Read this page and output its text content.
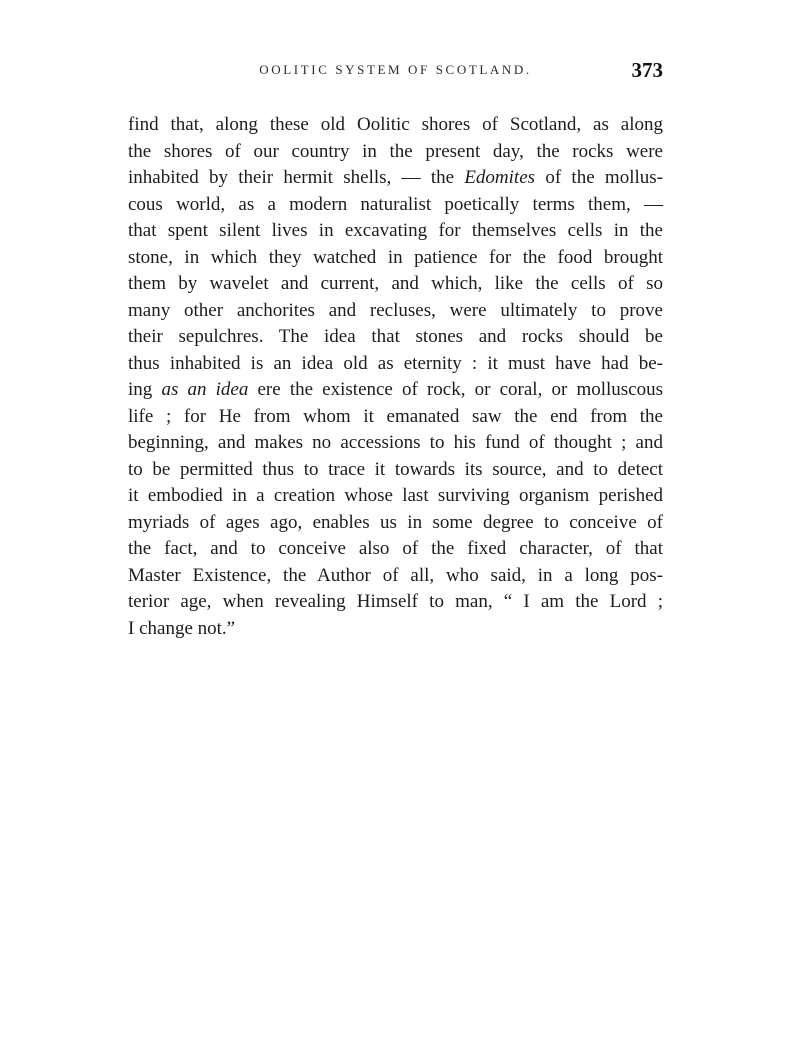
OOLITIC SYSTEM OF SCOTLAND.	373
find that, along these old Oolitic shores of Scotland, as along
the shores of our country in the present day, the rocks were
inhabited by their hermit shells, — the Edomites of the mollus-
cous world, as a modern naturalist poetically terms them, —
that spent silent lives in excavating for themselves cells in the
stone, in which they watched in patience for the food brought
them by wavelet and current, and which, like the cells of so
many other anchorites and recluses, were ultimately to prove
their sepulchres. The idea that stones and rocks should be
thus inhabited is an idea old as eternity : it must have had be-
ing as an idea ere the existence of rock, or coral, or molluscous
life ; for He from whom it emanated saw the end from the
beginning, and makes no accessions to his fund of thought ; and
to be permitted thus to trace it towards its source, and to detect
it embodied in a creation whose last surviving organism perished
myriads of ages ago, enables us in some degree to conceive of
the fact, and to conceive also of the fixed character, of that
Master Existence, the Author of all, who said, in a long pos-
terior age, when revealing Himself to man, “ I am the Lord ;
I change not.”
